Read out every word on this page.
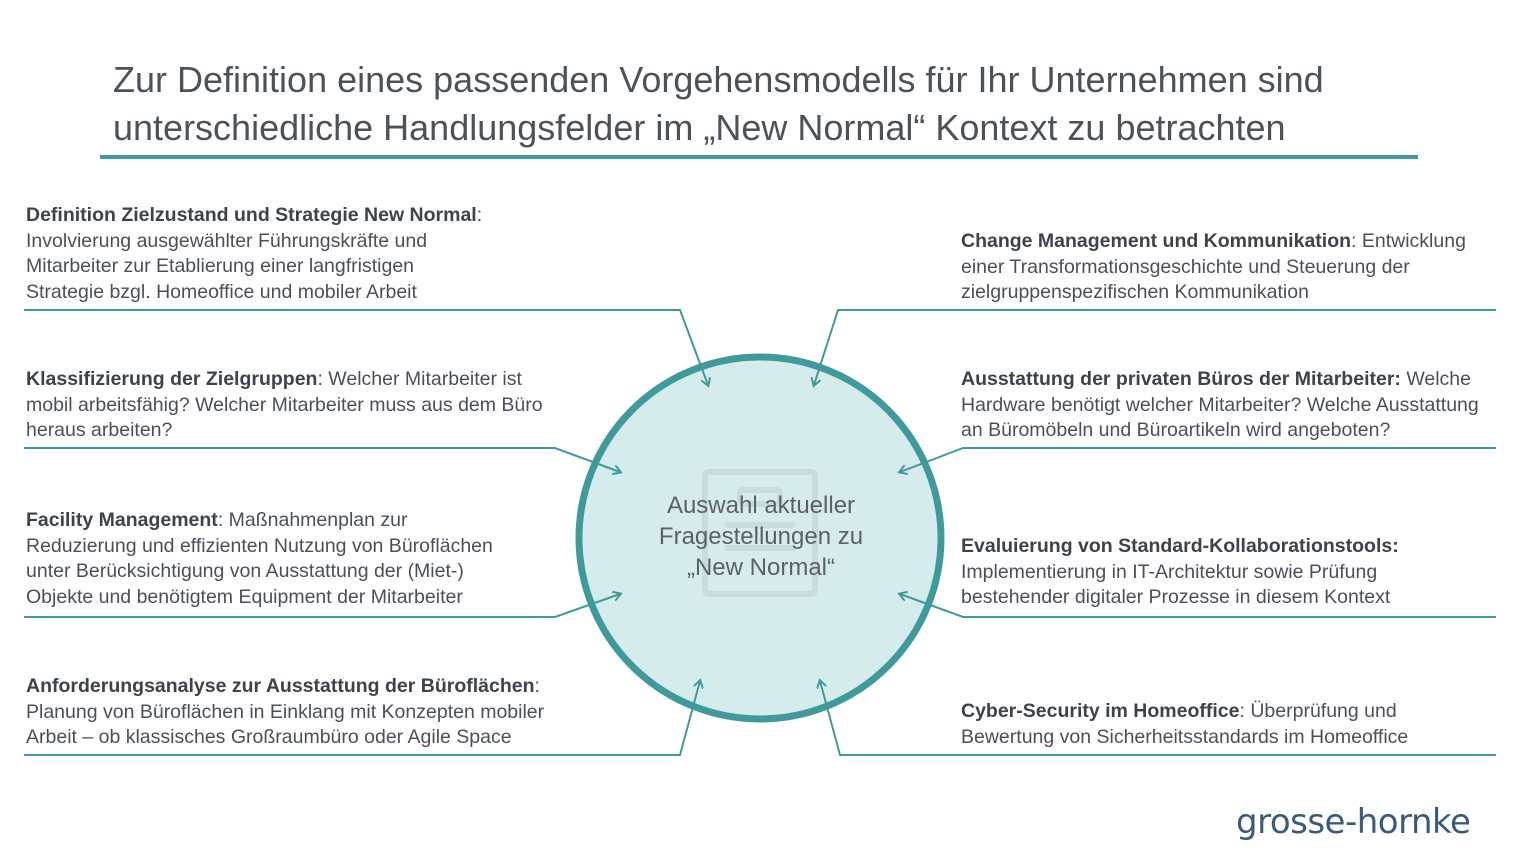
Zur Definition eines passenden Vorgehensmodells für Ihr Unternehmen sind
unterschiedliche Handlungsfelder im „New Normal“ Kontext zu betrachten
Auswahl aktueller
Fragestellungen zu
„New Normal“
Definition Zielzustand und Strategie New Normal:
Involvierung ausgewählter Führungskräfte und
Mitarbeiter zur Etablierung einer langfristigen
Strategie bzgl. Homeoffice und mobiler Arbeit
Klassifizierung der Zielgruppen: Welcher Mitarbeiter ist
mobil arbeitsfähig? Welcher Mitarbeiter muss aus dem Büro
heraus arbeiten?
Facility Management: Maßnahmenplan zur
Reduzierung und effizienten Nutzung von Büroflächen
unter Berücksichtigung von Ausstattung der (Miet-)
Objekte und benötigtem Equipment der Mitarbeiter
Anforderungsanalyse zur Ausstattung der Büroflächen:
Planung von Büroflächen in Einklang mit Konzepten mobiler
Arbeit – ob klassisches Großraumbüro oder Agile Space
Change Management und Kommunikation: Entwicklung
einer Transformationsgeschichte und Steuerung der
zielgruppenspezifischen Kommunikation
Ausstattung der privaten Büros der Mitarbeiter: Welche
Hardware benötigt welcher Mitarbeiter? Welche Ausstattung
an Büromöbeln und Büroartikeln wird angeboten?
Evaluierung von Standard-Kollaborationstools:
Implementierung in IT-Architektur sowie Prüfung
bestehender digitaler Prozesse in diesem Kontext
Cyber-Security im Homeoffice: Überprüfung und
Bewertung von Sicherheitsstandards im Homeoffice
grosse-hornke
